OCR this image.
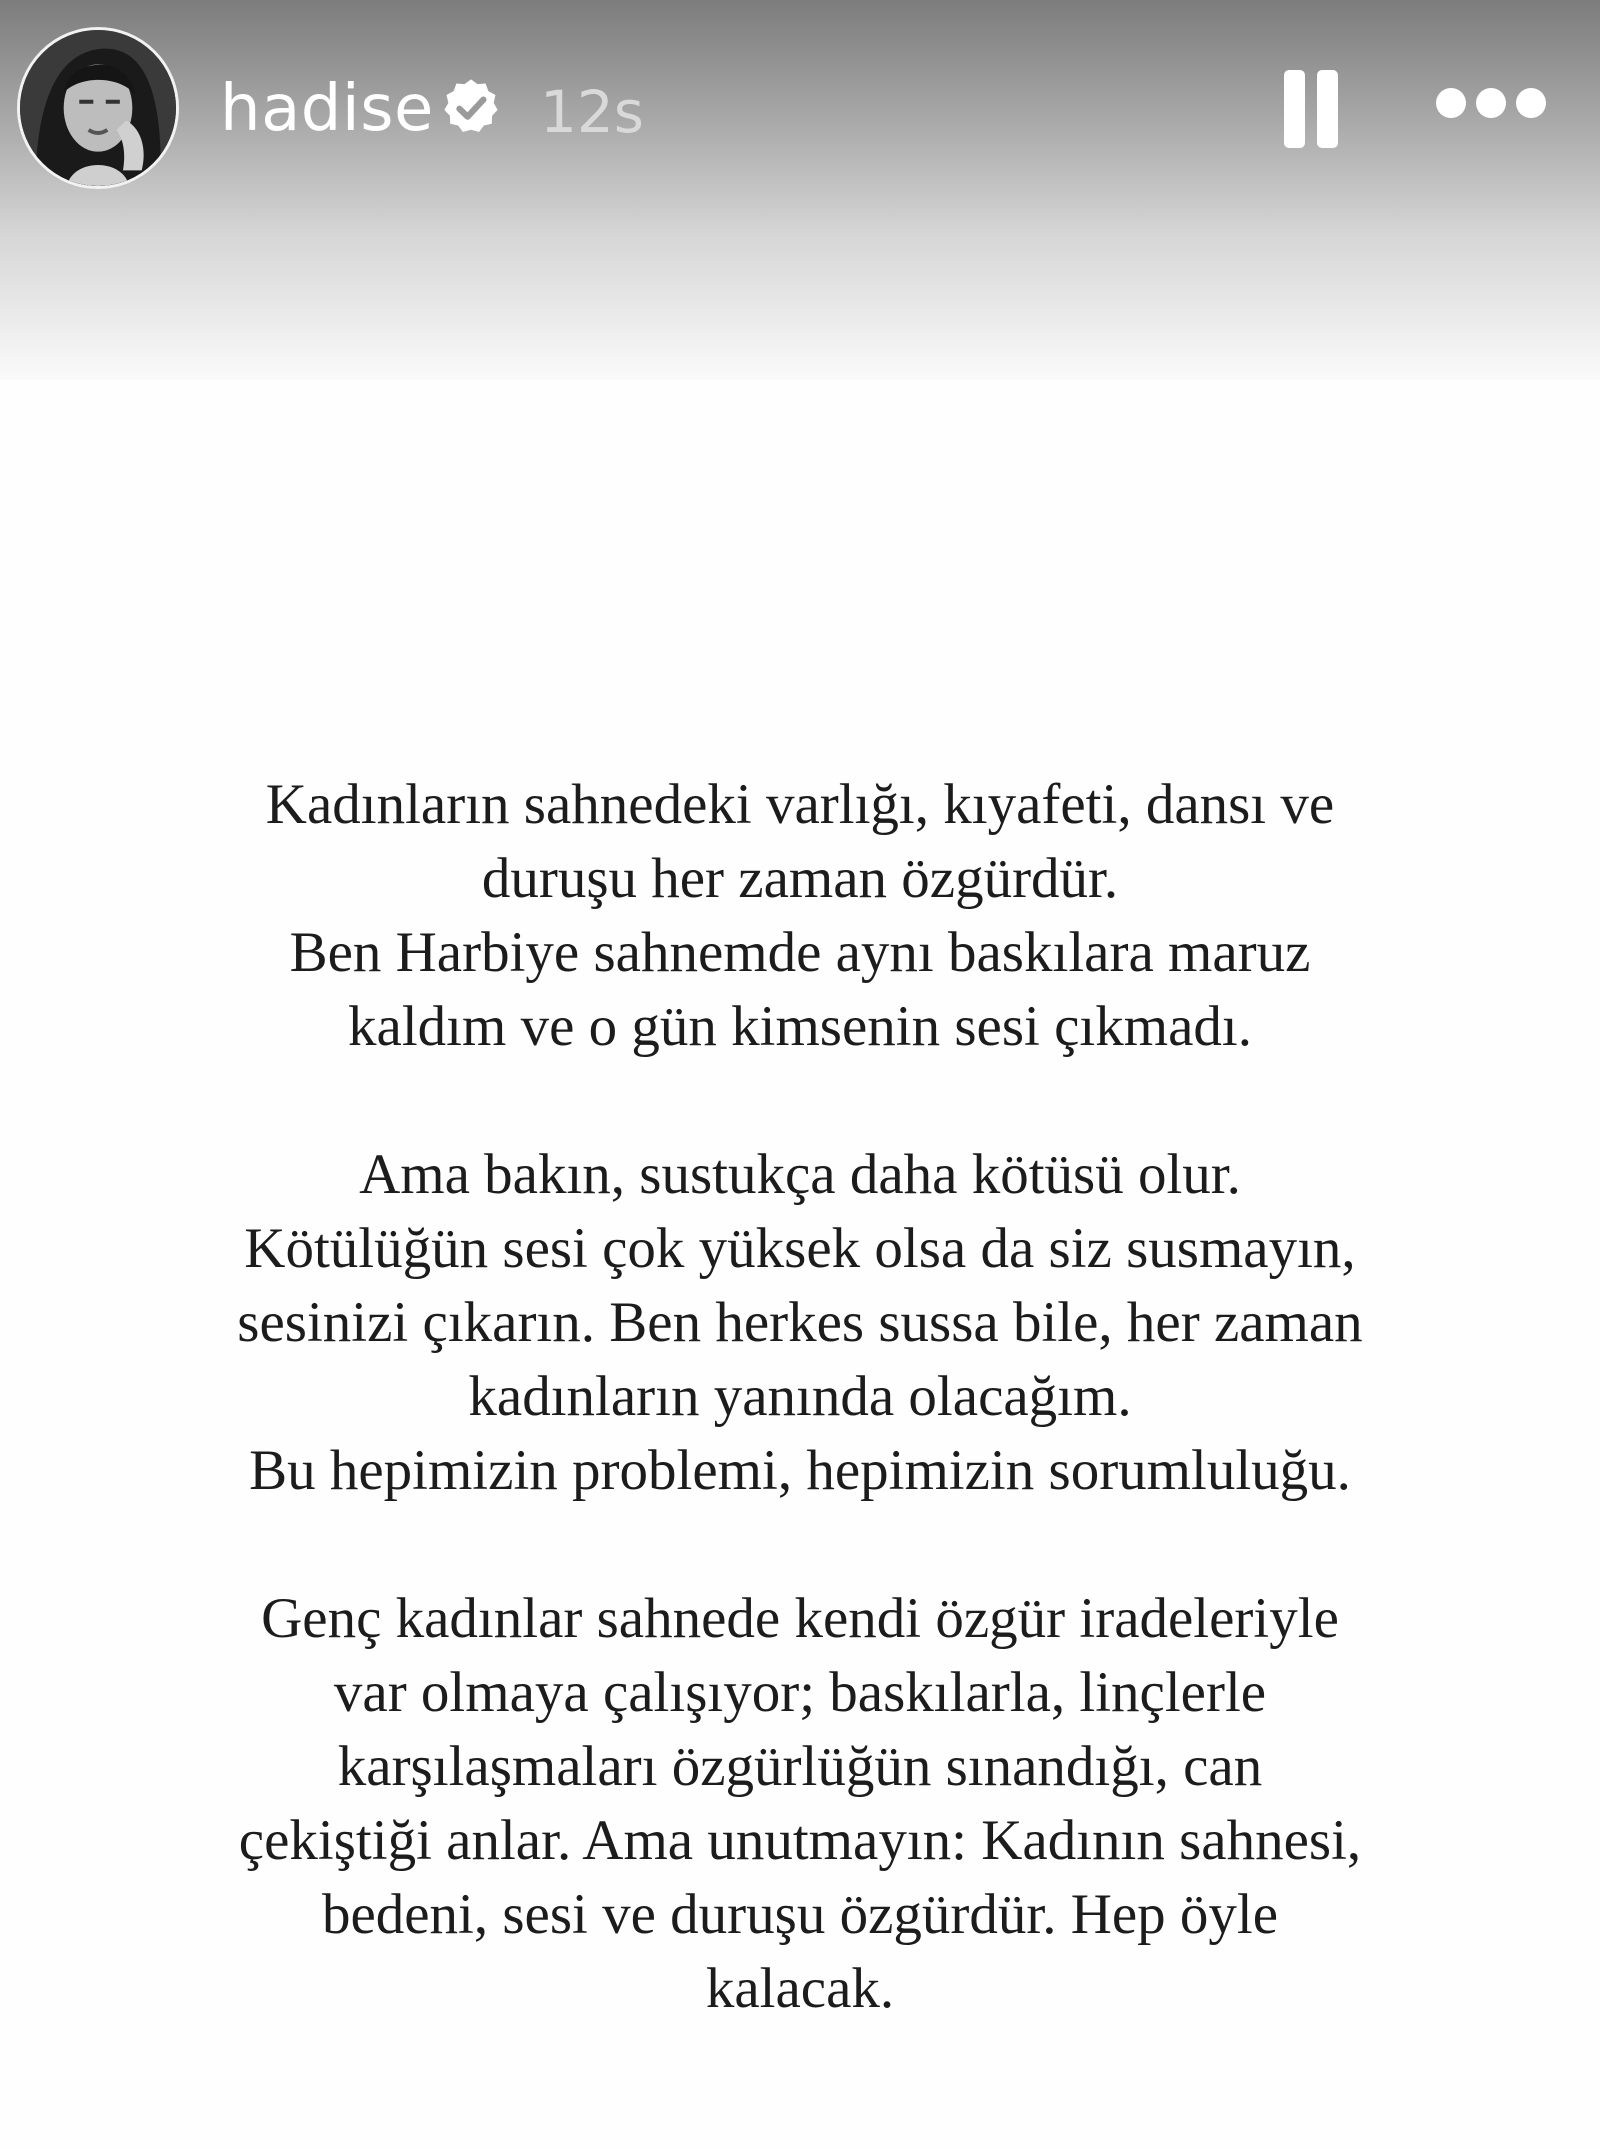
hadise 12s
Kadınların sahnedeki varlığı, kıyafeti, dansı ve
duruşu her zaman özgürdür.
Ben Harbiye sahnemde aynı baskılara maruz
kaldım ve o gün kimsenin sesi çıkmadı.
Ama bakın, sustukça daha kötüsü olur.
Kötülüğün sesi çok yüksek olsa da siz susmayın,
sesinizi çıkarın. Ben herkes sussa bile, her zaman
kadınların yanında olacağım.
Bu hepimizin problemi, hepimizin sorumluluğu.
Genç kadınlar sahnede kendi özgür iradeleriyle
var olmaya çalışıyor; baskılarla, linçlerle
karşılaşmaları özgürlüğün sınandığı, can
çekiştiği anlar. Ama unutmayın: Kadının sahnesi,
bedeni, sesi ve duruşu özgürdür. Hep öyle
kalacak.
